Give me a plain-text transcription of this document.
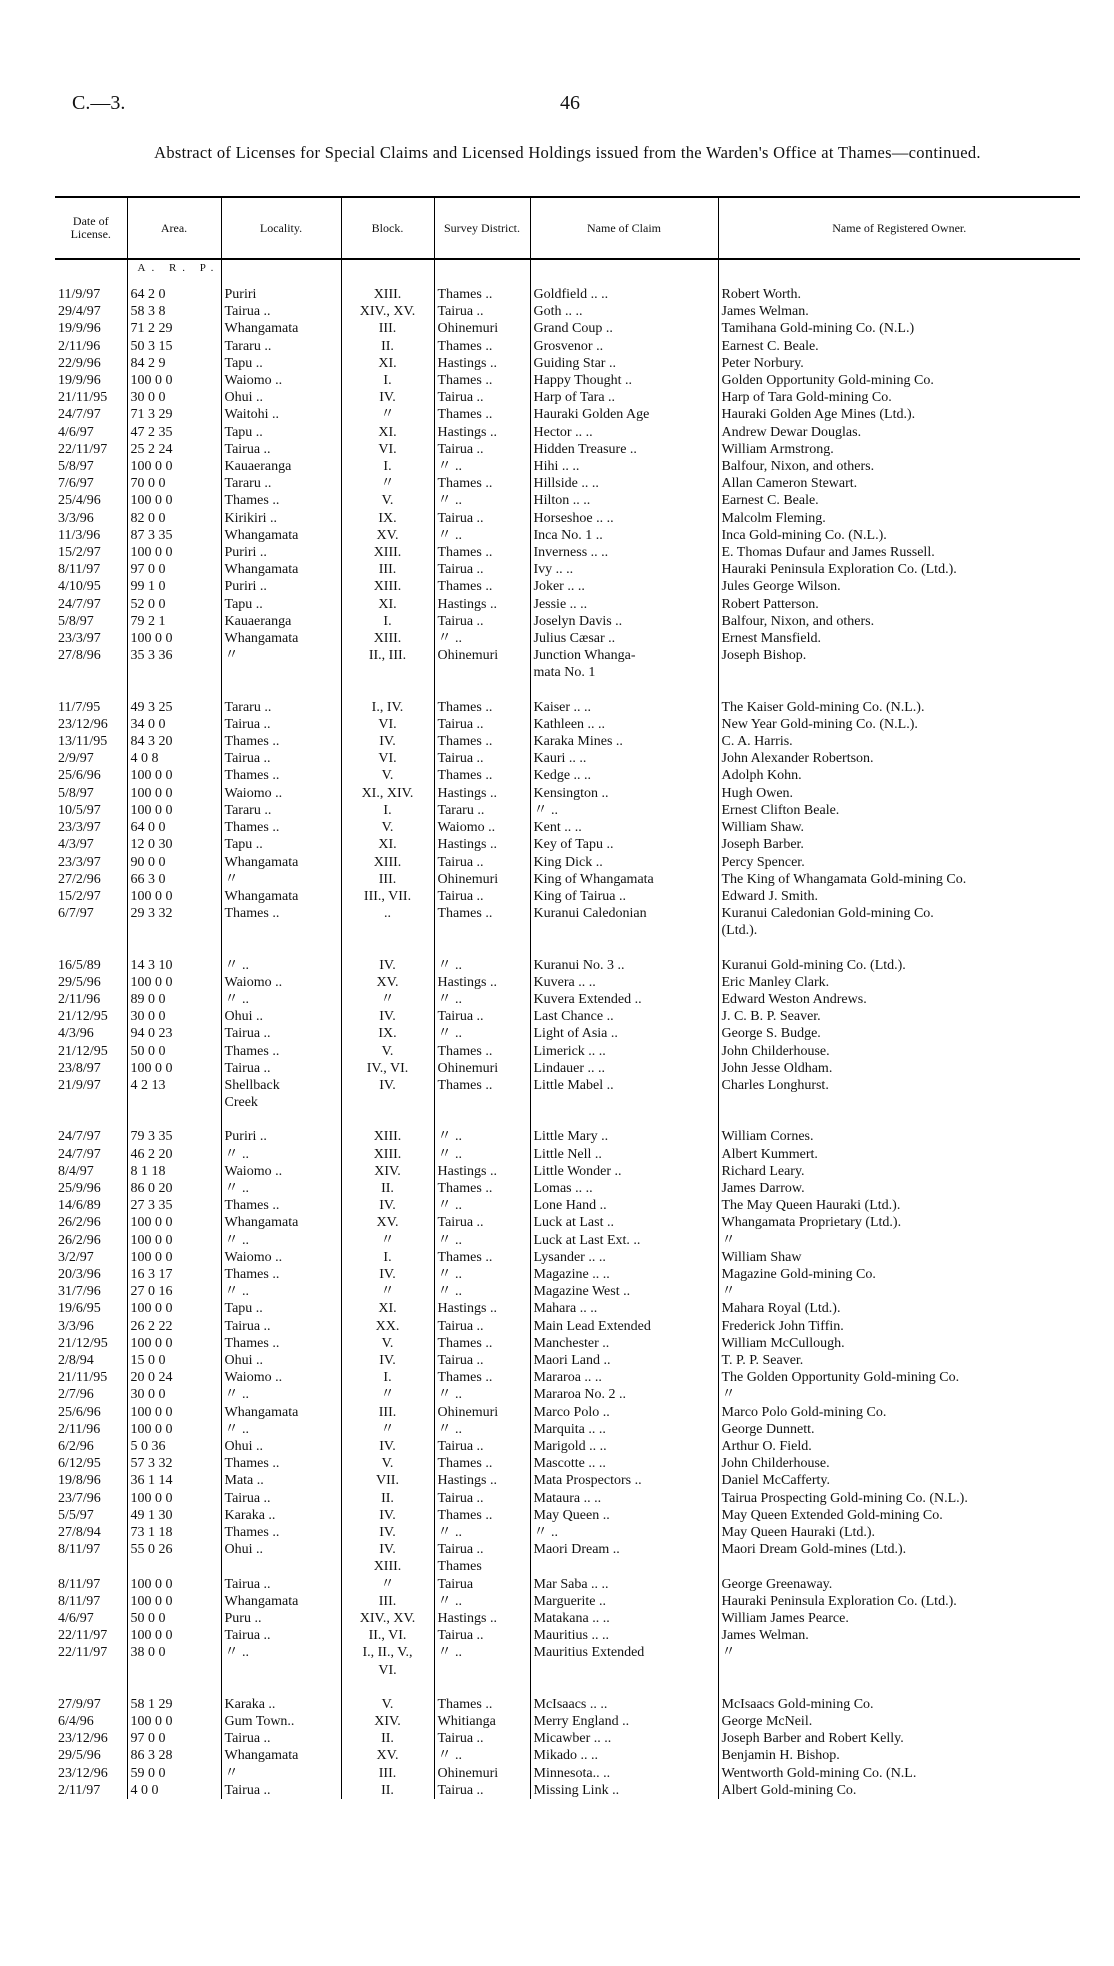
C.—3.	46
Abstract of Licenses for Special Claims and Licensed Holdings issued from the Warden's Office at Thames—continued.
Date of License.	Area.	Locality.	Block.	Survey District.	Name of Claim	Name of Registered Owner.
	A. R. P.					
11/9/97	64 2 0	Puriri	XIII.	Thames ..	Goldfield .. ..	Robert Worth.
29/4/97	58 3 8	Tairua ..	XIV., XV.	Tairua ..	Goth .. ..	James Welman.
19/9/96	71 2 29	Whangamata	III.	Ohinemuri	Grand Coup ..	Tamihana Gold-mining Co. (N.L.)
2/11/96	50 3 15	Tararu ..	II.	Thames ..	Grosvenor ..	Earnest C. Beale.
22/9/96	84 2 9	Tapu ..	XI.	Hastings ..	Guiding Star ..	Peter Norbury.
19/9/96	100 0 0	Waiomo ..	I.	Thames ..	Happy Thought ..	Golden Opportunity Gold-mining Co.
21/11/95	30 0 0	Ohui ..	IV.	Tairua ..	Harp of Tara ..	Harp of Tara Gold-mining Co.
24/7/97	71 3 29	Waitohi ..	〃	Thames ..	Hauraki Golden Age	Hauraki Golden Age Mines (Ltd.).
4/6/97	47 2 35	Tapu ..	XI.	Hastings ..	Hector .. ..	Andrew Dewar Douglas.
22/11/97	25 2 24	Tairua ..	VI.	Tairua ..	Hidden Treasure ..	William Armstrong.
5/8/97	100 0 0	Kauaeranga	I.	〃 ..	Hihi .. ..	Balfour, Nixon, and others.
7/6/97	70 0 0	Tararu ..	〃	Thames ..	Hillside .. ..	Allan Cameron Stewart.
25/4/96	100 0 0	Thames ..	V.	〃 ..	Hilton .. ..	Earnest C. Beale.
3/3/96	82 0 0	Kirikiri ..	IX.	Tairua ..	Horseshoe .. ..	Malcolm Fleming.
11/3/96	87 3 35	Whangamata	XV.	〃 ..	Inca No. 1 ..	Inca Gold-mining Co. (N.L.).
15/2/97	100 0 0	Puriri ..	XIII.	Thames ..	Inverness .. ..	E. Thomas Dufaur and James Russell.
8/11/97	97 0 0	Whangamata	III.	Tairua ..	Ivy .. ..	Hauraki Peninsula Exploration Co. (Ltd.).
4/10/95	99 1 0	Puriri ..	XIII.	Thames ..	Joker .. ..	Jules George Wilson.
24/7/97	52 0 0	Tapu ..	XI.	Hastings ..	Jessie .. ..	Robert Patterson.
5/8/97	79 2 1	Kauaeranga	I.	Tairua ..	Joselyn Davis ..	Balfour, Nixon, and others.
23/3/97	100 0 0	Whangamata	XIII.	〃 ..	Julius Cæsar ..	Ernest Mansfield.
27/8/96	35 3 36	〃	II., III.	Ohinemuri	Junction Whanga-	Joseph Bishop.
					mata No. 1	

11/7/95	49 3 25	Tararu ..	I., IV.	Thames ..	Kaiser .. ..	The Kaiser Gold-mining Co. (N.L.).
23/12/96	34 0 0	Tairua ..	VI.	Tairua ..	Kathleen .. ..	New Year Gold-mining Co. (N.L.).
13/11/95	84 3 20	Thames ..	IV.	Thames ..	Karaka Mines ..	C. A. Harris.
2/9/97	4 0 8	Tairua ..	VI.	Tairua ..	Kauri .. ..	John Alexander Robertson.
25/6/96	100 0 0	Thames ..	V.	Thames ..	Kedge .. ..	Adolph Kohn.
5/8/97	100 0 0	Waiomo ..	XI., XIV.	Hastings ..	Kensington ..	Hugh Owen.
10/5/97	100 0 0	Tararu ..	I.	Tararu ..	〃 ..	Ernest Clifton Beale.
23/3/97	64 0 0	Thames ..	V.	Waiomo ..	Kent .. ..	William Shaw.
4/3/97	12 0 30	Tapu ..	XI.	Hastings ..	Key of Tapu ..	Joseph Barber.
23/3/97	90 0 0	Whangamata	XIII.	Tairua ..	King Dick ..	Percy Spencer.
27/2/96	66 3 0	〃	III.	Ohinemuri	King of Whangamata	The King of Whangamata Gold-mining Co.
15/2/97	100 0 0	Whangamata	III., VII.	Tairua ..	King of Tairua ..	Edward J. Smith.
6/7/97	29 3 32	Thames ..	..	Thames ..	Kuranui Caledonian	Kuranui Caledonian Gold-mining Co.
						(Ltd.).

16/5/89	14 3 10	〃 ..	IV.	〃 ..	Kuranui No. 3 ..	Kuranui Gold-mining Co. (Ltd.).
29/5/96	100 0 0	Waiomo ..	XV.	Hastings ..	Kuvera .. ..	Eric Manley Clark.
2/11/96	89 0 0	〃 ..	〃	〃 ..	Kuvera Extended ..	Edward Weston Andrews.
21/12/95	30 0 0	Ohui ..	IV.	Tairua ..	Last Chance ..	J. C. B. P. Seaver.
4/3/96	94 0 23	Tairua ..	IX.	〃 ..	Light of Asia ..	George S. Budge.
21/12/95	50 0 0	Thames ..	V.	Thames ..	Limerick .. ..	John Childerhouse.
23/8/97	100 0 0	Tairua ..	IV., VI.	Ohinemuri	Lindauer .. ..	John Jesse Oldham.
21/9/97	4 2 13	Shellback	IV.	Thames ..	Little Mabel ..	Charles Longhurst.
		Creek				

24/7/97	79 3 35	Puriri ..	XIII.	〃 ..	Little Mary ..	William Cornes.
24/7/97	46 2 20	〃 ..	XIII.	〃 ..	Little Nell ..	Albert Kummert.
8/4/97	8 1 18	Waiomo ..	XIV.	Hastings ..	Little Wonder ..	Richard Leary.
25/9/96	86 0 20	〃 ..	II.	Thames ..	Lomas .. ..	James Darrow.
14/6/89	27 3 35	Thames ..	IV.	〃 ..	Lone Hand ..	The May Queen Hauraki (Ltd.).
26/2/96	100 0 0	Whangamata	XV.	Tairua ..	Luck at Last ..	Whangamata Proprietary (Ltd.).
26/2/96	100 0 0	〃 ..	〃	〃 ..	Luck at Last Ext. ..	〃
3/2/97	100 0 0	Waiomo ..	I.	Thames ..	Lysander .. ..	William Shaw
20/3/96	16 3 17	Thames ..	IV.	〃 ..	Magazine .. ..	Magazine Gold-mining Co.
31/7/96	27 0 16	〃 ..	〃	〃 ..	Magazine West ..	〃
19/6/95	100 0 0	Tapu ..	XI.	Hastings ..	Mahara .. ..	Mahara Royal (Ltd.).
3/3/96	26 2 22	Tairua ..	XX.	Tairua ..	Main Lead Extended	Frederick John Tiffin.
21/12/95	100 0 0	Thames ..	V.	Thames ..	Manchester ..	William McCullough.
2/8/94	15 0 0	Ohui ..	IV.	Tairua ..	Maori Land ..	T. P. P. Seaver.
21/11/95	20 0 24	Waiomo ..	I.	Thames ..	Mararoa .. ..	The Golden Opportunity Gold-mining Co.
2/7/96	30 0 0	〃 ..	〃	〃 ..	Mararoa No. 2 ..	〃
25/6/96	100 0 0	Whangamata	III.	Ohinemuri	Marco Polo ..	Marco Polo Gold-mining Co.
2/11/96	100 0 0	〃 ..	〃	〃 ..	Marquita .. ..	George Dunnett.
6/2/96	5 0 36	Ohui ..	IV.	Tairua ..	Marigold .. ..	Arthur O. Field.
6/12/95	57 3 32	Thames ..	V.	Thames ..	Mascotte .. ..	John Childerhouse.
19/8/96	36 1 14	Mata ..	VII.	Hastings ..	Mata Prospectors ..	Daniel McCafferty.
23/7/96	100 0 0	Tairua ..	II.	Tairua ..	Mataura .. ..	Tairua Prospecting Gold-mining Co. (N.L.).
5/5/97	49 1 30	Karaka ..	IV.	Thames ..	May Queen ..	May Queen Extended Gold-mining Co.
27/8/94	73 1 18	Thames ..	IV.	〃 ..	〃 ..	May Queen Hauraki (Ltd.).
8/11/97	55 0 26	Ohui ..	IV.	Tairua ..	Maori Dream ..	Maori Dream Gold-mines (Ltd.).
			XIII.	Thames		
8/11/97	100 0 0	Tairua ..	〃	Tairua	Mar Saba .. ..	George Greenaway.
8/11/97	100 0 0	Whangamata	III.	〃 ..	Marguerite ..	Hauraki Peninsula Exploration Co. (Ltd.).
4/6/97	50 0 0	Puru ..	XIV., XV.	Hastings ..	Matakana .. ..	William James Pearce.
22/11/97	100 0 0	Tairua ..	II., VI.	Tairua ..	Mauritius .. ..	James Welman.
22/11/97	38 0 0	〃 ..	I., II., V.,	〃 ..	Mauritius Extended	〃
			VI.			

27/9/97	58 1 29	Karaka ..	V.	Thames ..	McIsaacs .. ..	McIsaacs Gold-mining Co.
6/4/96	100 0 0	Gum Town..	XIV.	Whitianga	Merry England ..	George McNeil.
23/12/96	97 0 0	Tairua ..	II.	Tairua ..	Micawber .. ..	Joseph Barber and Robert Kelly.
29/5/96	86 3 28	Whangamata	XV.	〃 ..	Mikado .. ..	Benjamin H. Bishop.
23/12/96	59 0 0	〃	III.	Ohinemuri	Minnesota.. ..	Wentworth Gold-mining Co. (N.L.
2/11/97	4 0 0	Tairua ..	II.	Tairua ..	Missing Link ..	Albert Gold-mining Co.
